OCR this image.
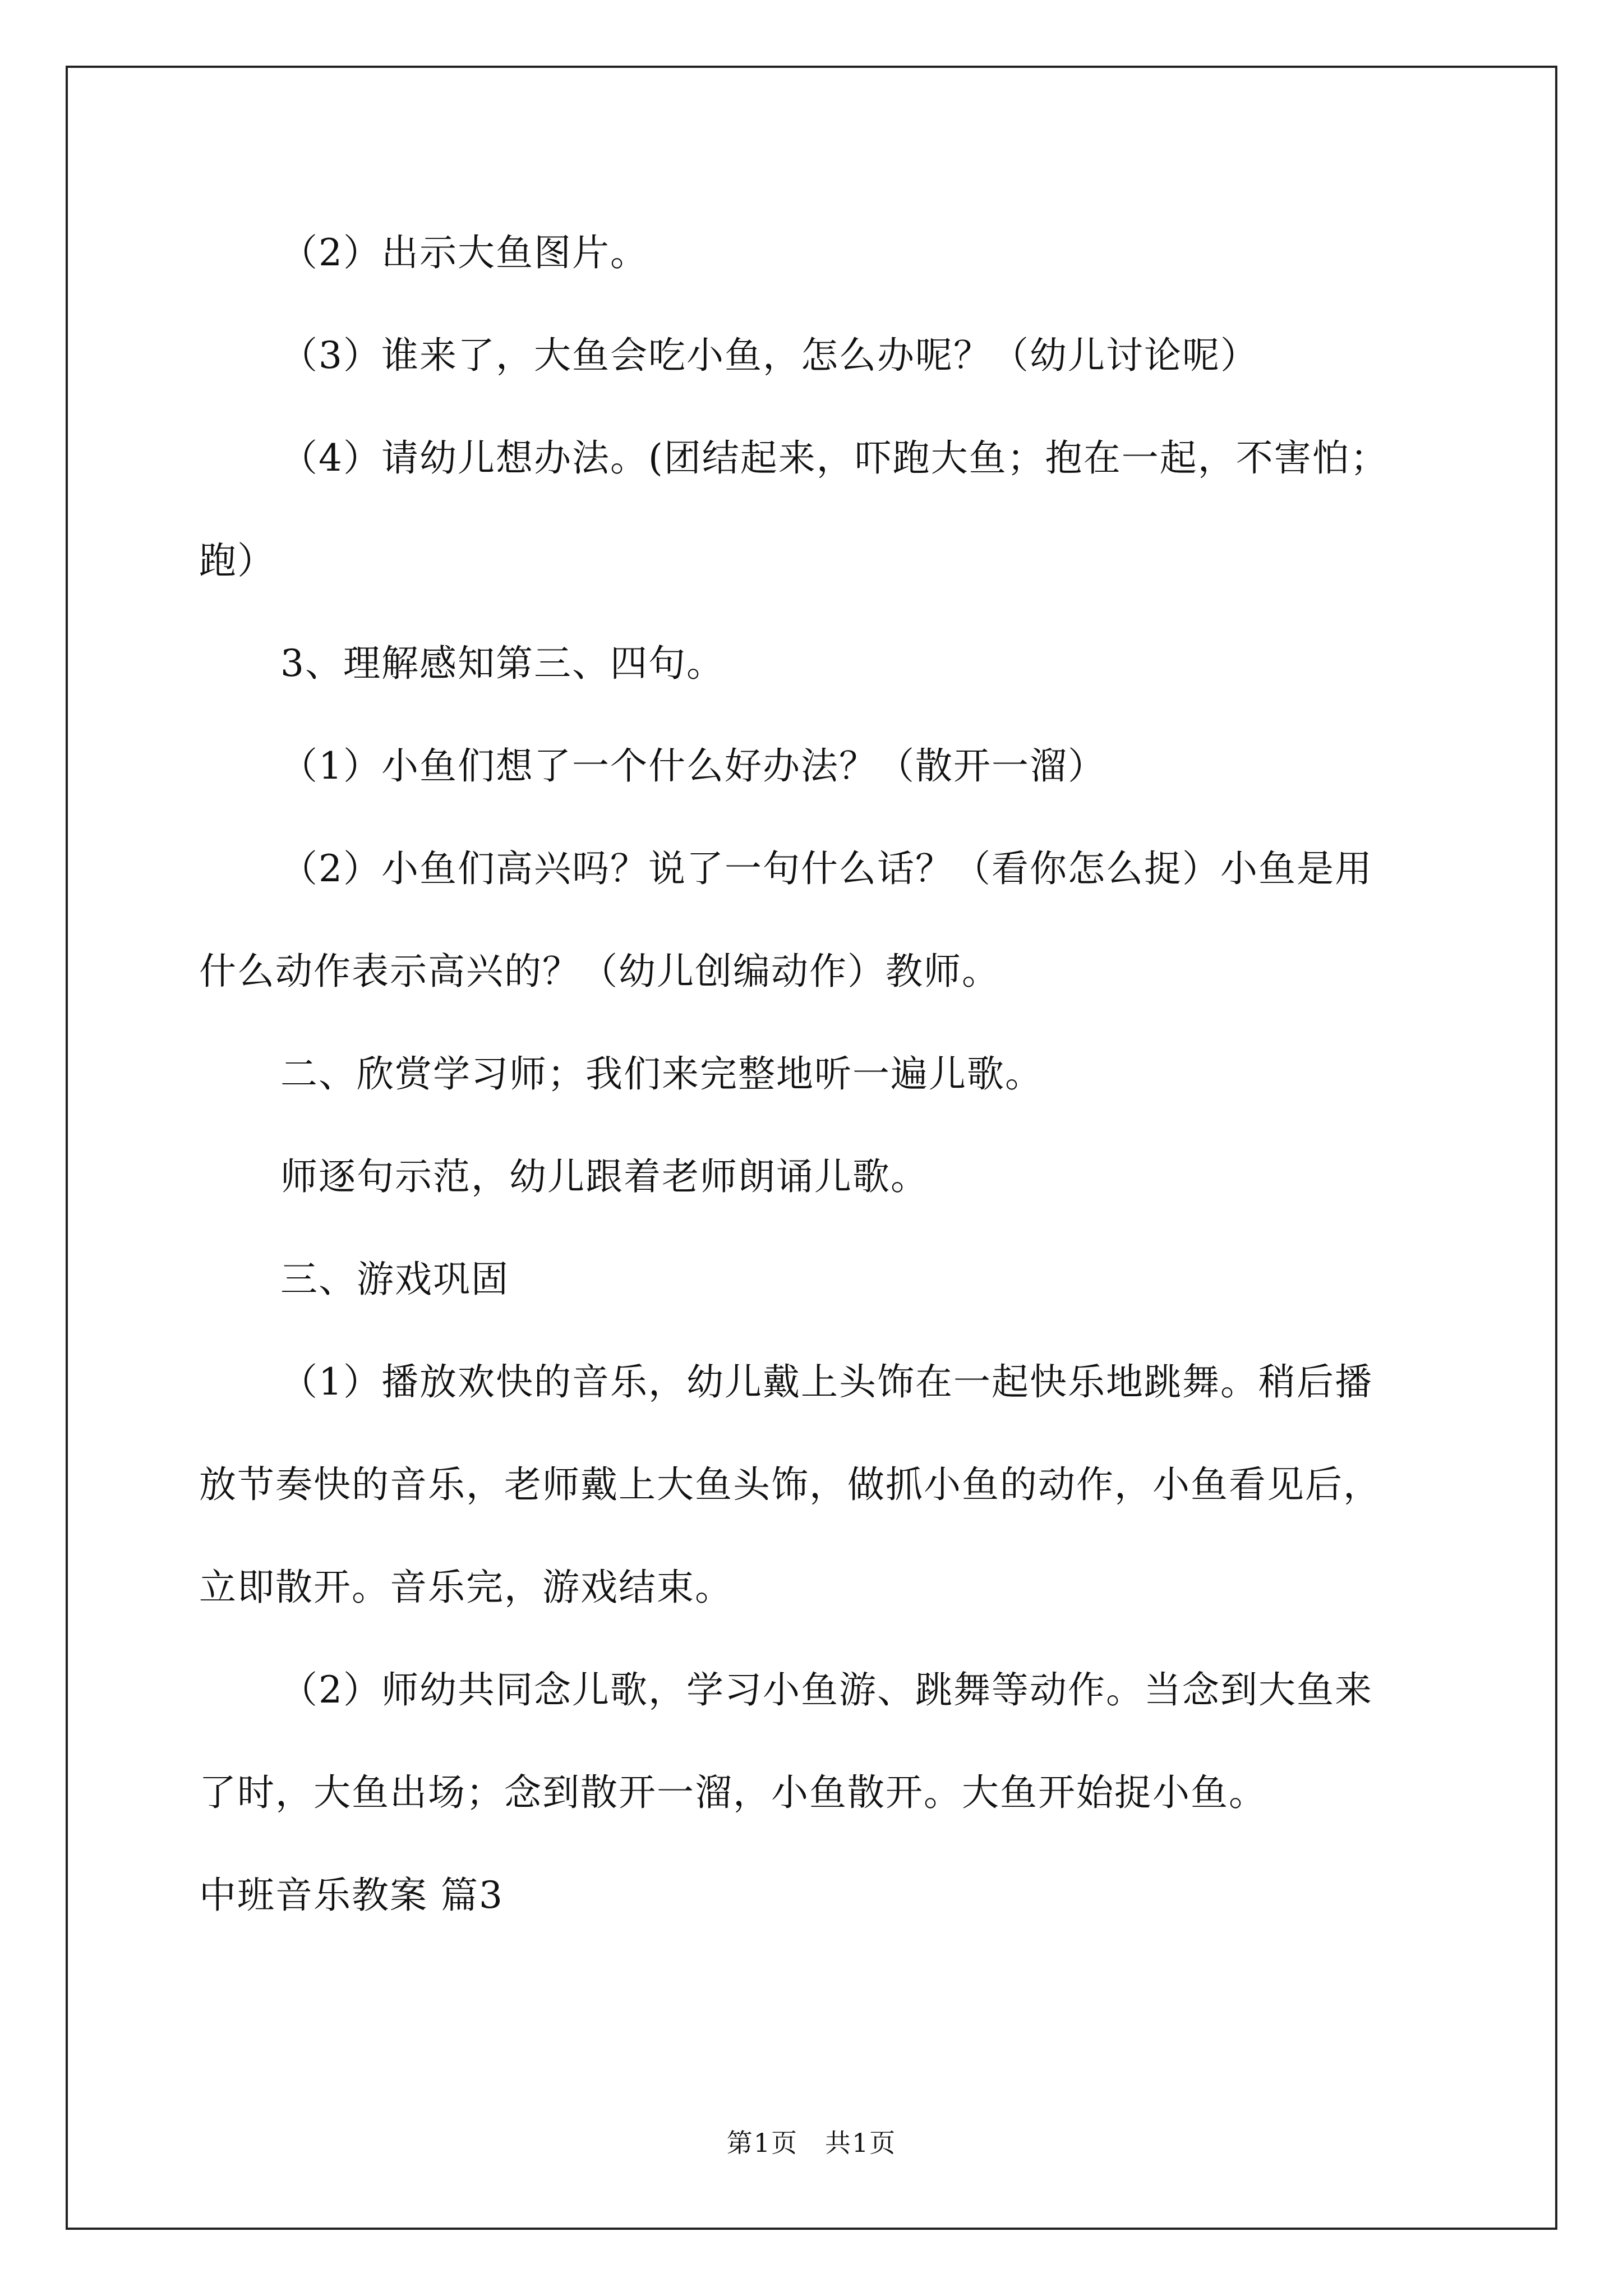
（2）出示大鱼图片。
（3）谁来了，大鱼会吃小鱼，怎么办呢？（幼儿讨论呢）
（4）请幼儿想办法。(团结起来，吓跑大鱼；抱在一起，不害怕；
跑）
3、理解感知第三、四句。
（1）小鱼们想了一个什么好办法？（散开一溜）
（2）小鱼们高兴吗？说了一句什么话？（看你怎么捉）小鱼是用
什么动作表示高兴的？（幼儿创编动作）教师。
二、欣赏学习师；我们来完整地听一遍儿歌。
师逐句示范，幼儿跟着老师朗诵儿歌。
三、游戏巩固
（1）播放欢快的音乐，幼儿戴上头饰在一起快乐地跳舞。稍后播
放节奏快的音乐，老师戴上大鱼头饰，做抓小鱼的动作，小鱼看见后，
立即散开。音乐完，游戏结束。
（2）师幼共同念儿歌，学习小鱼游、跳舞等动作。当念到大鱼来
了时，大鱼出场；念到散开一溜，小鱼散开。大鱼开始捉小鱼。
中班音乐教案 篇3
第1页　共1页
